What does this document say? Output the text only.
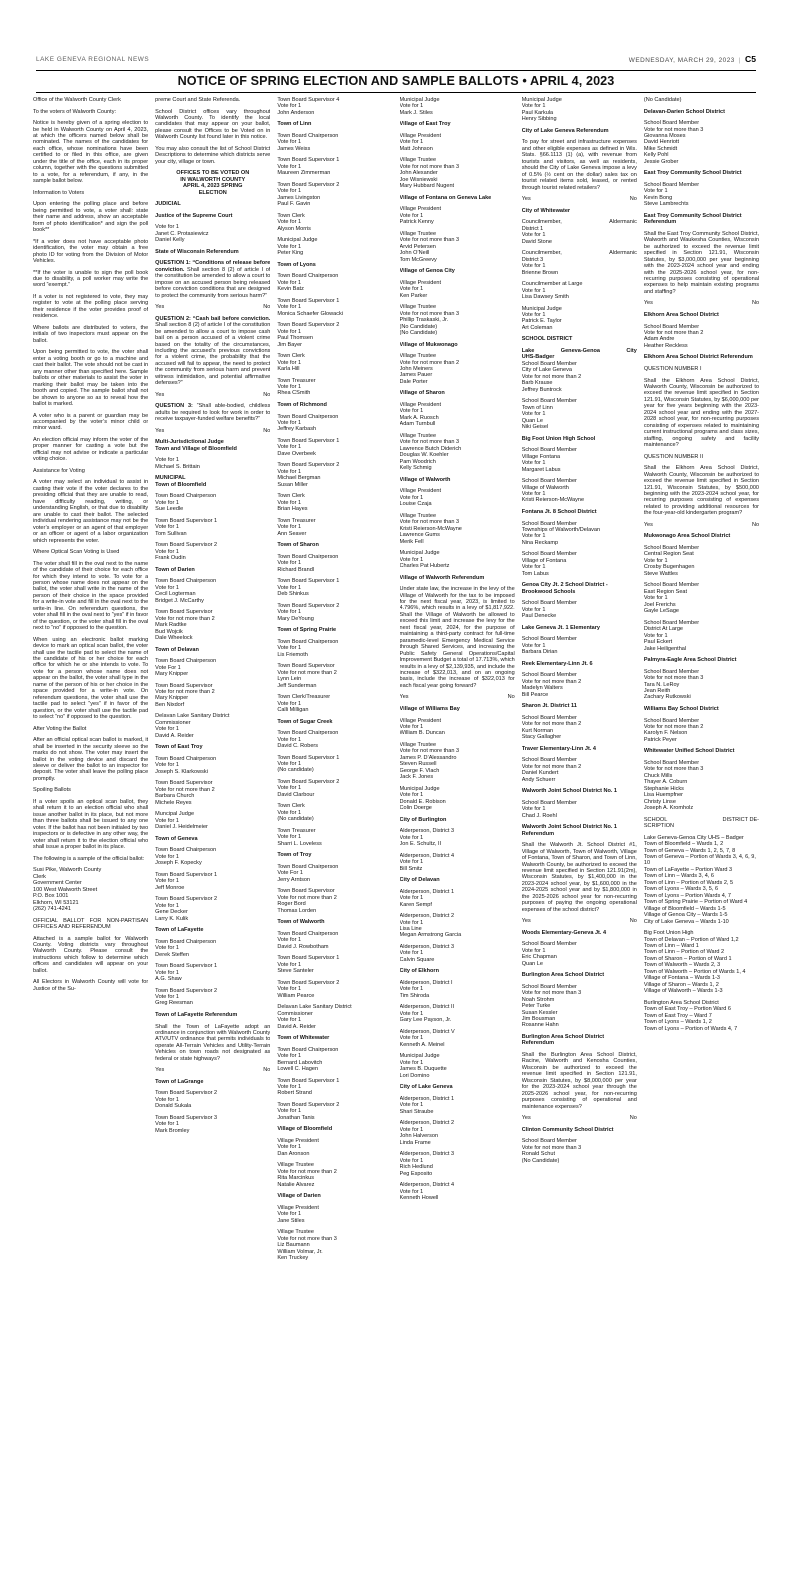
LAKE GENEVA REGIONAL NEWS	WEDNESDAY, MARCH 29, 2023 | C5
NOTICE OF SPRING ELECTION AND SAMPLE BALLOTS • APRIL 4, 2023

Office of the Walworth County Clerk

To the voters of Walworth County:

Notice is hereby given of a spring election to be held in Walworth County on April 4, 2023, at which the officers named below shall be nominated. The names of the candidates for each office, whose nominations have been certified to or filed in this office, are given under the title of the office, each in its proper column, together with the questions submitted to a vote, for a referendum, if any, in the sample ballot below.

Information to Voters

Upon entering the polling place and before being permitted to vote, a voter shall: state their name and address, show an acceptable form of photo identification* and sign the poll book**

*If a voter does not have acceptable photo identification, the voter may obtain a free photo ID for voting from the Division of Motor Vehicles.

**If the voter is unable to sign the poll book due to disability, a poll worker may write the word “exempt.”

If a voter is not registered to vote, they may register to vote at the polling place serving their residence if the voter provides proof of residence.

Where ballots are distributed to voters, the initials of two inspectors must appear on the ballot.

Upon being permitted to vote, the voter shall enter a voting booth or go to a machine and cast their ballot. The vote should not be cast in any manner other than specified here. Sample ballots or other materials to assist the voter in marking their ballot may be taken into the booth and copied. The sample ballot shall not be shown to anyone so as to reveal how the ballot is marked.

A voter who is a parent or guardian may be accompanied by the voter’s minor child or minor ward.

An election official may inform the voter of the proper manner for casting a vote but the official may not advise or indicate a particular voting choice.

Assistance for Voting

A voter may select an individual to assist in casting their vote if the voter declares to the presiding official that they are unable to read, have difficulty reading, writing, or understanding English, or that due to disability are unable to cast their ballot. The selected individual rendering assistance may not be the voter’s employer or an agent of that employer or an officer or agent of a labor organization which represents the voter.

Where Optical Scan Voting is Used

The voter shall fill in the oval next to the name of the candidate of their choice for each office for which they intend to vote. To vote for a person whose name does not appear on the ballot, the voter shall write in the name of the person of their choice in the space provided for a write-in vote and fill in the oval next to the write-in line. On referendum questions, the voter shall fill in the oval next to “yes” if in favor of the question, or the voter shall fill in the oval next to “no” if opposed to the question.

When using an electronic ballot marking device to mark an optical scan ballot, the voter shall use the tactile pad to select the name of the candidate of his or her choice for each office for which he or she intends to vote. To vote for a person whose name does not appear on the ballot, the voter shall type in the name of the person of his or her choice in the space provided for a write-in vote. On referendum questions, the voter shall use the tactile pad to select “yes” if in favor of the question, or the voter shall use the tactile pad to select “no” if opposed to the question.

After Voting the Ballot

After an official optical scan ballot is marked, it shall be inserted in the security sleeve so the marks do not show. The voter may insert the ballot in the voting device and discard the sleeve or deliver the ballot to an inspector for deposit. The voter shall leave the polling place promptly.

Spoiling Ballots

If a voter spoils an optical scan ballot, they shall return it to an election official who shall issue another ballot in its place, but not more than three ballots shall be issued to any one voter. If the ballot has not been initialed by two inspectors or is defective in any other way, the voter shall return it to the election official who shall issue a proper ballot in its place.

The following is a sample of the official ballot:

Susi Pike, Walworth County
Clerk
Government Center
100 West Walworth Street
P.O. Box 1001
Elkhorn, WI 53121
(262) 741-4241

OFFICIAL BALLOT FOR NON-PARTISAN OFFICES AND REFERENDUM

Attached is a sample ballot for Walworth County. Voting districts vary throughout Walworth County. Please consult the instructions which follow to determine which offices and candidates will appear on your ballot.

All Electors in Walworth County will vote for Justice of the Su-

preme Court and State Referenda.

School District offices vary throughout Walworth County. To identify the local candidates that may appear on your ballot, please consult the Offices to be Voted on in Walworth County list found later in this notice.

You may also consult the list of School District Descriptions to determine which districts serve your city, village or town.

OFFICES TO BE VOTED ON
IN WALWORTH COUNTY
APRIL 4, 2023 SPRING
ELECTION
JUDICIAL
Justice of the Supreme Court
Vote for 1
Janet C. Protasiewicz
Daniel Kelly
State of Wisconsin Referendum

QUESTION 1: “Conditions of release before conviction. Shall section 8 (2) of article I of the constitution be amended to allow a court to impose on an accused person being released before conviction conditions that are designed to protect the community from serious harm?”

Yes	No

QUESTION 2: “Cash bail before conviction. Shall section 8 (2) of article I of the constitution be amended to allow a court to impose cash bail on a person accused of a violent crime based on the totality of the circumstances, including the accused’s previous convictions for a violent crime, the probability that the accused will fail to appear, the need to protect the community from serious harm and prevent witness intimidation, and potential affirmative defenses?”

Yes	No

QUESTION 3: “Shall able-bodied, childless adults be required to look for work in order to receive taxpayer-funded welfare benefits?”

Yes	No
Multi-Jurisdictional Judge
Town and Village of Bloomfield
Vote for 1
Michael S. Brittain
MUNICIPAL
Town of Bloomfield
Town Board Chairperson
Vote for 1
Sue Leedle
Town Board Supervisor 1
Vote for 1
Tom Sullivan
Town Board Supervisor 2
Vote for 1
Frank Oudin
Town of Darien
Town Board Chairperson
Vote for 1
Cecil Logterman
Bridget J. McCarthy
Town Board Supervisor
Vote for not more than 2
Mark Radtke
Bud Wojcik
Dale Wheelock
Town of Delavan
Town Board Chairperson
Vote For 1
Mary Knipper
Town Board Supervisor
Vote for not more than 2
Mary Knipper
Ben Nixdorf
Delavan Lake Sanitary District
Commissioner
Vote for 1
David A. Reider
Town of East Troy
Town Board Chairperson
Vote for 1
Joseph S. Klarkowski
Town Board Supervisor
Vote for not more than 2
Barbara Church
Michele Reyes
Muncipal Judge
Vote for 1
Daniel J. Heidelmeier
Town of Geneva
Town Board Chairperson
Vote for 1
Joseph F. Kopecky
Town Board Supervisor 1
Vote for 1
Jeff Monroe
Town Board Supervisor 2
Vote for 1
Gene Decker
Larry K. Kulik
Town of LaFayette
Town Board Chairperson
Vote for 1
Derek Steffen
Town Board Supervisor 1
Vote for 1
A.G. Shaw
Town Board Supervisor 2
Vote for 1
Greg Reesman
Town of LaFayette Referendum

Shall the Town of LaFayette adopt an ordinance in conjunction with Walworth County ATV/UTV ordinance that permits individuals to operate All-Terrain Vehicles and Utility-Terrain Vehicles on town roads not designated as federal or state highways?

Yes	No
Town of LaGrange
Town Board Supervisor 2
Vote for 1
Donald Sukala
Town Board Supervisor 3
Vote for 1
Mark Bromley
Town Board Supervisor 4
Vote for 1
John Anderson
Town of Linn
Town Board Chairperson
Vote for 1
James Weiss
Town Board Supervisor 1
Vote for 1
Maureen Zimmerman
Town Board Supervisor 2
Vote for 1
James Livingston
Paul F. Gavin
Town Clerk
Vote for 1
Alyson Morris
Municipal Judge
Vote for 1
Peter King
Town of Lyons
Town Board Chairperson
Vote for 1
Kevin Batz
Town Board Supervisor 1
Vote for 1
Monica Schaefer Glowacki
Town Board Supervisor 2
Vote for 1
Paul Thomsen
Jim Bayer
Town Clerk
Vote for 1
Karla Hill
Town Treasurer
Vote for 1
Rhea CSmith
Town of Richmond
Town Board Chairperson
Vote for 1
Jeffrey Karbash
Town Board Supervisor 1
Vote for 1
Dave Overbeek
Town Board Supervisor 2
Vote for 1
Michael Bergman
Susan Miller
Town Clerk
Vote for 1
Brian Hayes
Town Treasurer
Vote for 1
Ann Seaver
Town of Sharon
Town Board Chairperson
Vote for 1
Richard Brandl
Town Board Supervisor 1
Vote for 1
Deb Shinkus
Town Board Supervisor 2
Vote for 1
Mary DeYoung
Town of Spring Prairie
Town Board Chairperson
Vote for 1
Lis Friemoth
Town Board Supervisor
Vote for not more than 2
Lynn Lein
Jeff Sunderman
Town Clerk/Treasurer
Vote for 1
Calli Milligan
Town of Sugar Creek
Town Board Chairperson
Vote for 1
David C. Robers
Town Board Supervisor 1
Vote for 1
(No candidate)
Town Board Supervisor 2
Vote for 1
David Clarbour
Town Clerk
Vote for 1
(No candidate)
Town Treasurer
Vote for 1
Sharri L. Loveless
Town of Troy
Town Board Chairperson
Vote For 1
Jerry Arntson
Town Board Supervisor
Vote for not more than 2
Roger Bord
Thomas Lorden
Town of Walworth
Town Board Chairperson
Vote for 1
David J. Rowbotham
Town Board Supervisor 1
Vote for 1
Steve Santeler
Town Board Supervisor 2
Vote for 1
William Pearce
Delavan Lake Sanitary District
Commissioner
Vote for 1
David A. Reider
Town of Whitewater
Town Board Chairperson
Vote for 1
Bernard Labovitch
Lowell C. Hagen
Town Board Supervisor 1
Vote for 1
Robert Strand
Town Board Supervisor 2
Vote for 1
Jonathan Tanis
Village of Bloomfield
Village President
Vote for 1
Dan Aronson
Village Trustee
Vote for not more than 2
Rita Marcinkus
Natalie Alvarez
Village of Darien
Village President
Vote for 1
Jane Stiles
Village Trustee
Vote for not more than 3
Liz Baumann
William Volmar, Jr.
Ken Truckey
Municipal Judge
Vote for 1
Mark J. Stiles
Village of East Troy
Village President
Vote for 1
Matt Johnson
Village Trustee
Vote for not more than 3
John Alexander
Joe Wisniewski
Mary Hubbard Nugent
Village of Fontana on Geneva Lake
Village President
Vote for 1
Patrick Kenny
Village Trustee
Vote for not more than 3
Arvid Petersen
John O’Neill
Tom McGreevy
Village of Genoa City
Village President
Vote for 1
Ken Parker
Village Trustee
Vote for not more than 3
Phillip Traskaski, Jr.
(No Candidate)
(No Candidate)
Village of Mukwonago
Village Trustee
Vote for not more than 2
John Meiners
James Pauer
Dale Porter
Village of Sharon
Village President
Vote for 1
Mark A. Ruosch
Adam Turnbull
Village Trustee
Vote for not more than 3
Lawrence Butch Diderich
Douglas W. Koehler
Pam Woodrich
Kelly Schmig
Village of Walworth
Village President
Vote for 1
Louise Czaja
Village Trustee
Vote for not more than 3
Kristi Reierson-McWayne
Lawrence Gums
Merik Fell
Municipal Judge
Vote for 1
Charles Pat Hubertz
Village of Walworth Referendum

Under state law, the increase in the levy of the Village of Walworth for the tax to be imposed for the next fiscal year, 2023, is limited to 4.796%, which results in a levy of $1,817,922. Shall the Village of Walworth be allowed to exceed this limit and increase the levy for the next fiscal year, 2024, for the purpose of maintaining a third-party contract for full-time paramedic-level Emergency Medical Service through Shared Services, and increasing the Public Safety General Operations/Capital Improvement Budget a total of 17.713%, which results in a levy of $2,139,935, and include the increase of $322,013, and on an ongoing basis, include the increase of $322,013 for each fiscal year going forward?

Yes	No
Village of Williams Bay
Village President
Vote for 1
William B. Duncan
Village Trustee
Vote for not more than 3
James P. D’Alessandro
Steven Russell
George F. Vlach
Jack F. Jones
Municipal Judge
Vote for 1
Donald E. Robison
Colin Doerge
City of Burlington
Alderperson, District 3
Vote for 1
Jon E. Schultz, II
Alderperson, District 4
Vote for 1
Bill Smitz
City of Delavan
Alderperson, District 1
Vote for 1
Karen Sempf
Alderperson, District 2
Vote for 1
Lisa Line
Megan Armstrong Garcia
Alderperson, District 3
Vote for 1
Calvin Square
City of Elkhorn
Alderperson, District I
Vote for 1
Tim Shiroda
Alderperson, District II
Vote for 1
Gary Lee Payson, Jr.
Alderperson, District V
Vote for 1
Kenneth A. Meinel
Municipal Judge
Vote for 1
James B. Duquette
Lori Domino
City of Lake Geneva
Alderperson, District 1
Vote for 1
Shari Straube
Alderperson, District 2
Vote for 1
John Halverson
Linda Frame
Alderperson, District 3
Vote for 1
Rich Hedlund
Peg Esposito
Alderperson, District 4
Vote for 1
Kenneth Howell
Municipal Judge
Vote for 1
Paul Karkula
Henry Sibbing
City of Lake Geneva Referendum

To pay for street and infrastructure expenses and other eligible expenses as defined in Wis. Stats. §66.1113 (1) (a), with revenue from tourists and visitors, as well as residents, should the City of Lake Geneva impose a levy of 0.5% (½ cent on the dollar) sales tax on tourist related items sold, leased, or rented through tourist related retailers?

Yes	No
City of Whitewater
Councilmember,	Aldermanic
District 1
Vote for 1
David Stone
Councilmember,	Aldermanic
District 3
Vote for 1
Brienne Brown
Councilmember at Large
Vote for 1
Lisa Dawsey Smith
Municipal Judge
Vote for 1
Patrick E. Taylor
Art Coleman
SCHOOL DISTRICT
Lake	Geneva-Genoa	City
UHS-Badger
School Board Member
City of Lake Geneva
Vote for not more than 2
Barb Krause
Jeffrey Buntrock
School Board Member
Town of Linn
Vote for 1
Quan Le
Niki Geisel
Big Foot Union High School
School Board Member
Village Fontana
Vote for 1
Margaret Labus
School Board Member
Village of Walworth
Vote for 1
Kristi Reierson-McWayne
Fontana Jt. 8 School District
School Board Member
Townships of Walworth/Delavan
Vote for 1
Nina Reckamp
School Board Member
Village of Fontana
Vote for 1
Tom Labus
Genoa City Jt. 2 School District - Brookwood Schools
School Board Member
Vote for 1
Paul Denecke
Lake Geneva Jt. 1 Elementary
School Board Member
Vote for 1
Barbara Dirian
Reek Elementary-Linn Jt. 6
School Board Member
Vote for not more than 2
Madelyn Walters
Bill Pearce
Sharon Jt. District 11
School Board Member
Vote for not more than 2
Kurt Norman
Stacy Gallagher
Traver Elementary-Linn Jt. 4
School Board Member
Vote for not more than 2
Daniel Kundert
Andy Schuerr
Walworth Joint School District No. 1
School Board Member
Vote for 1
Chad J. Roehl
Walworth Joint School District No. 1 Referendum

Shall the Walworth Jt. School District #1, Village of Walworth, Town of Walworth, Village of Fontana, Town of Sharon, and Town of Linn, Walworth County, be authorized to exceed the revenue limit specified in Section 121.91(2m), Wisconsin Statutes, by $1,400,000 in the 2023-2024 school year, by $1,600,000 in the 2024-2025 school year and by $1,800,000 in the 2025-2026 school year for non-recurring purposes of paying the ongoing operational expenses of the school district?

Yes	No
Woods Elementary-Geneva Jt. 4
School Board Member
Vote for 1
Eric Chapman
Quan Le
Burlington Area School District
School Board Member
Vote for not more than 3
Noah Strohm
Peter Turke
Susan Kessler
Jim Bousman
Rosanne Hahn
Burlington Area School District Referendum

Shall the Burlington Area School District, Racine, Walworth and Kenosha Counties, Wisconsin be authorized to exceed the revenue limit specified in Section 121.91, Wisconsin Statutes, by $8,000,000 per year for the 2023-2024 school year through the 2025-2026 school year, for non-recurring purposes consisting of operational and maintenance expenses?

Yes	No
Clinton Community School District
School Board Member
Vote for not more than 3
Ronald Schut
(No Candidate)
(No Candidate)
Delavan-Darien School District
School Board Member
Vote for not more than 3
Giovanna Moses
David Henriott
Mike Schmidt
Kelly Pohl
Jessie Grober
East Troy Community School District
School Board Member
Vote for 1
Kevin Bong
Steve Lambrechts
East Troy Community School District Referendum

Shall the East Troy Community School District, Walworth and Waukesha Counties, Wisconsin be authorized to exceed the revenue limit specified in Section 121.91, Wisconsin Statutes, by $3,000,000 per year beginning with the 2023-2024 school year and ending with the 2025-2026 school year, for non-recurring purposes consisting of operational expenses to help maintain existing programs and staffing?

Yes	No
Elkhorn Area School District
School Board Member
Vote for not more than 2
Adam Andre
Heather Reckless
Elkhorn Area School District Referendum
QUESTION NUMBER I

Shall the Elkhorn Area School District, Walworth County, Wisconsin be authorized to exceed the revenue limit specified in Section 121.91, Wisconsin Statutes, by $6,000,000 per year for five years beginning with the 2023-2024 school year and ending with the 2027-2028 school year, for non-recurring purposes consisting of expenses related to maintaining current instructional programs and class sizes, staffing, ongoing safety and facility maintenance?

QUESTION NUMBER II

Shall the Elkhorn Area School District, Walworth County, Wisconsin be authorized to exceed the revenue limit specified in Section 121.91, Wisconsin Statutes, by $500,000 beginning with the 2023-2024 school year, for recurring purposes consisting of expenses related to providing additional resources for the four-year-old kindergarten program?

Yes	No
Mukwonago Area School District
School Board Member
Central Region Seat
Vote for 1
Crosby Bugenhagen
Steve Wattles
School Board Member
East Region Seat
Vote for 1
Joel Frerichs
Gayle LeSage
School Board Member
District At Large
Vote for 1
Paul Eckert
Jake Heiligenthal
Palmyra-Eagle Area School District
School Board Member
Vote for not more than 3
Tara N. LeRoy
Jean Reith
Zachary Rutkowski
Williams Bay School District
School Board Member
Vote for not more than 2
Karolyn F. Nelson
Patrick Peyer
Whitewater Unified School District
School Board Member
Vote for not more than 3
Chuck Mills
Thayer A. Coburn
Stephanie Hicks
Lisa Huempfner
Christy Linse
Joseph A. Kromholz
SCHOOL	DISTRICT DE-
SCRIPTION
Lake Geneva-Genoa City UHS – Badger
Town of Bloomfield – Wards 1, 2
Town of Geneva – Wards 1, 2, 5, 7, 8
Town of Geneva – Portion of Wards 3, 4, 6, 9, 10
Town of LaFayette – Portion Ward 3
Town of Linn – Wards 3, 4, 6
Town of Linn – Portion of Wards 2, 5
Town of Lyons – Wards 3, 5, 6
Town of Lyons – Portion Wards 4, 7
Town of Spring Prairie – Portion of Ward 4
Village of Bloomfield – Wards 1-5
Village of Genoa City – Wards 1-5
City of Lake Geneva – Wards 1-10
Big Foot Union High
Town of Delavan – Portion of Ward 1,2
Town of Linn – Ward 1
Town of Linn – Portion of Ward 2
Town of Sharon – Portion of Ward 1
Town of Walworth – Wards 2, 3
Town of Walworth – Portion of Wards 1, 4
Village of Fontana – Wards 1-3
Village of Sharon – Wards 1, 2
Village of Walworth – Wards 1-3
Burlington Area School District
Town of East Troy – Portion Ward 6
Town of East Troy – Ward 7
Town of Lyons – Wards 1, 2
Town of Lyons – Portion of Wards 4, 7
